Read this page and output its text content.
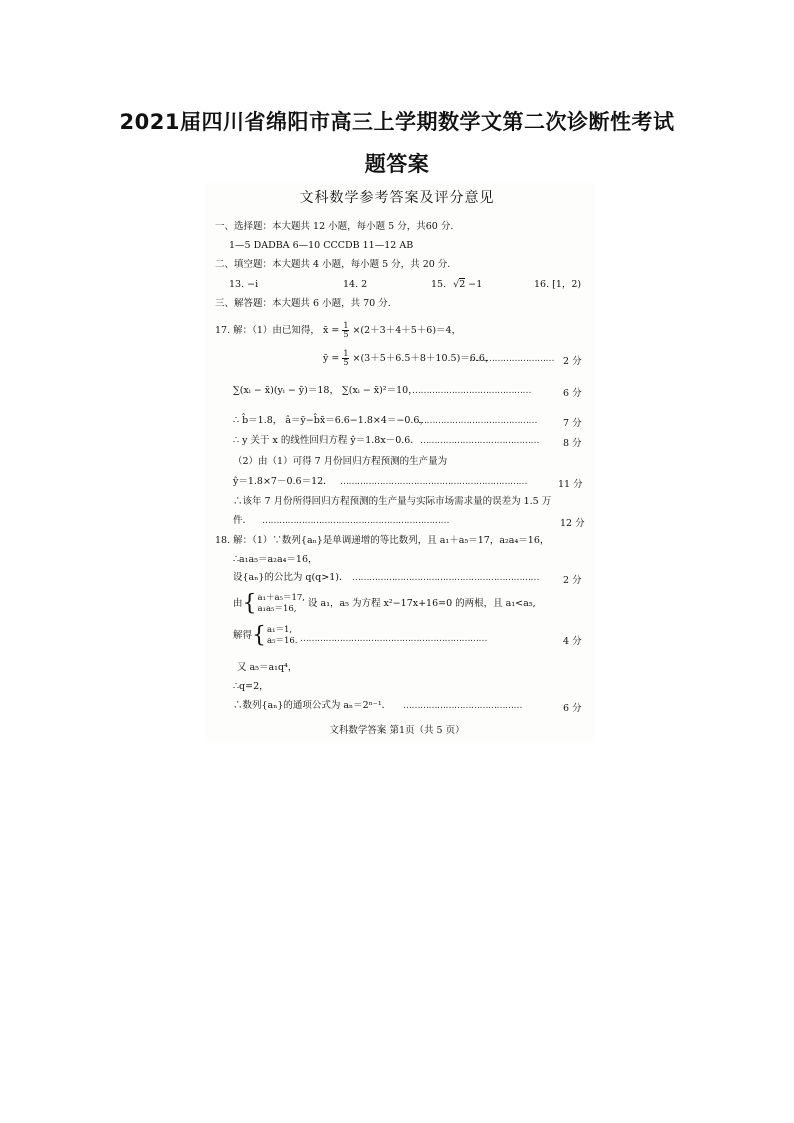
2021届四川省绵阳市高三上学期数学文第二次诊断性考试
题答案
文科数学参考答案及评分意见
一、选择题：本大题共 12 小题，每小题 5 分，共60 分.
1—5 DADBA 6—10 CCCDB 11—12 AB
二、填空题：本大题共 4 小题，每小题 5 分，共 20 分.
13. −i	14. 2	15. √2 −1	16. [1，2)
三、解答题：本大题共 6 小题，共 70 分.
17. 解：（1）由已知得， x̄ = $\frac{1}{5} \times(2+3+4+5+6)=4$，
ȳ = $\frac{1}{5} \times(3+5+6.5+8+10.5)=6.6$，
………………………… 2 分
∑(xᵢ − x̄)(yᵢ − ȳ)＝18， ∑(xᵢ − x̄)²＝10，
……………………………………	6 分
∴ b̂＝1.8， â＝ȳ−b̂x̄＝6.6−1.8×4＝−0.6，
……………………………………	7 分
∴ y 关于 x 的线性回归方程 ŷ＝1.8x－0.6． ……………………………………	8 分
（2）由（1）可得 7 月份回归方程预测的生产量为
ŷ＝1.8×7－0.6＝12． …………………………………………………………	11 分
∴该年 7 月份所得回归方程预测的生产量与实际市场需求量的误差为 1.5 万
件． …………………………………………………………	12 分
18. 解：（1）∵数列{aₙ}是单调递增的等比数列，且 a₁＋a₅＝17，a₂a₄＝16，
∴a₁a₅＝a₂a₄＝16，
设{aₙ}的公比为 q(q>1)． …………………………………………………………	2 分
由{ a₁＋a₅＝17,
a₁a₅＝16,	设 a₁，a₅ 为方程 x²−17x+16=0 的两根，且 a₁<a₅,
解得{ a₁＝1,
a₅＝16. …………………………………………………………	4 分
又 a₅＝a₁q⁴，
∴q=2，
∴数列{aₙ}的通项公式为 aₙ＝2ⁿ⁻¹． ……………………………………	6 分
文科数学答案 第1页（共 5 页）
